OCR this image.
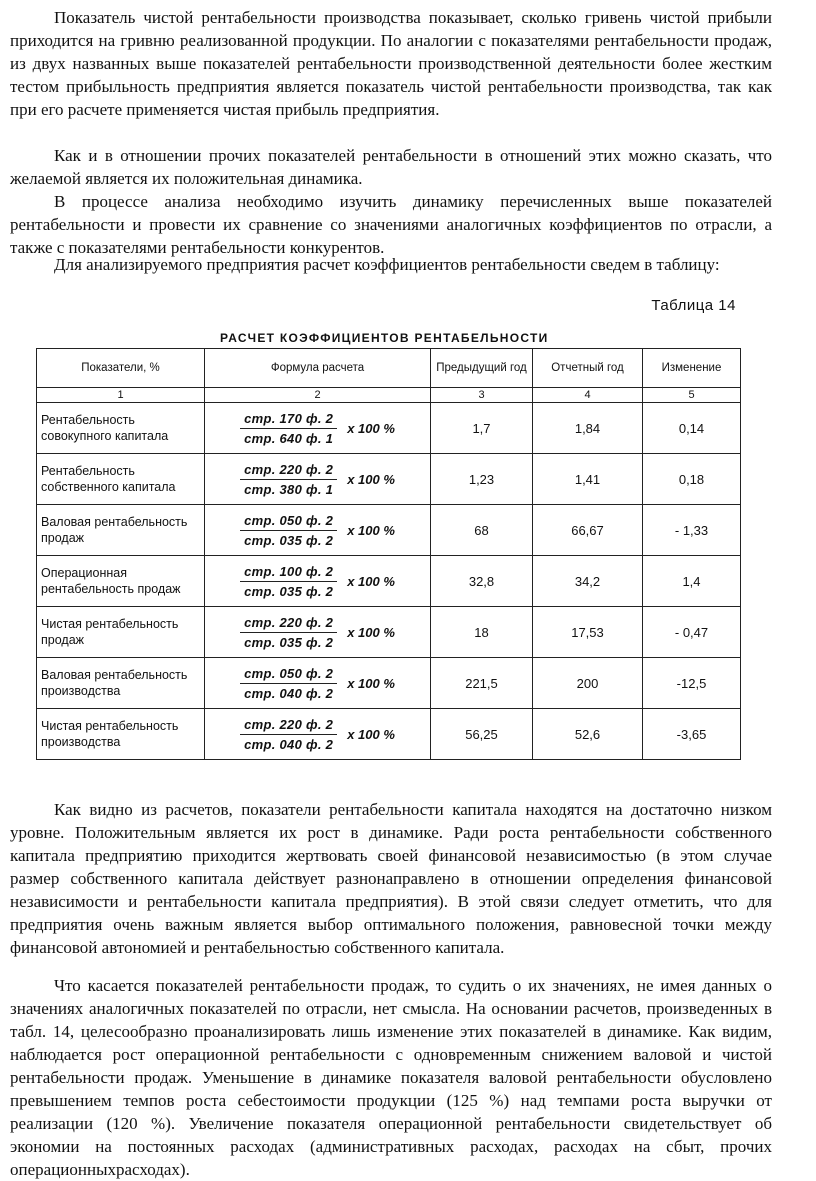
Показатель чистой рентабельности производства показывает, сколько гривень чистой прибыли приходится на гривню реализованной продукции. По аналогии с показателями рентабельности продаж, из двух названных выше показателей рентабельности производственной деятельности более жестким тестом прибыльность предприятия является показатель чистой рентабельности производства, так как при его расчете применяется чистая прибыль предприятия.

Как и в отношении прочих показателей рентабельности в отношений этих можно сказать, что желаемой является их положительная динамика.

В процессе анализа необходимо изучить динамику перечисленных выше показателей рентабельности и провести их сравнение со значениями аналогичных коэффициентов по отрасли, а также с показателями рентабельности конкурентов.

Для анализируемого предприятия расчет коэффициентов рентабельности сведем в таблицу:

Таблица 14
РАСЧЕТ КОЭФФИЦИЕНТОВ РЕНТАБЕЛЬНОСТИ
Показатели, %	Формула расчета	Предыдущий год	Отчетный год	Изменение
1	2	3	4	5
Рентабельность совокупного капитала	$\frac{\text{стр. 170 ф. 2}}{\text{стр. 640 ф. 1}}$ x 100 %	1,7	1,84	0,14
Рентабельность собственного капитала	$\frac{\text{стр. 220 ф. 2}}{\text{стр. 380 ф. 1}}$ x 100 %	1,23	1,41	0,18
Валовая рентабельность продаж	$\frac{\text{стр. 050 ф. 2}}{\text{стр. 035 ф. 2}}$ x 100 %	68	66,67	- 1,33
Операционная рентабельность продаж	$\frac{\text{стр. 100 ф. 2}}{\text{стр. 035 ф. 2}}$ x 100 %	32,8	34,2	1,4
Чистая рентабельность продаж	$\frac{\text{стр. 220 ф. 2}}{\text{стр. 035 ф. 2}}$ x 100 %	18	17,53	- 0,47
Валовая рентабельность производства	$\frac{\text{стр. 050 ф. 2}}{\text{стр. 040 ф. 2}}$ x 100 %	221,5	200	-12,5
Чистая рентабельность производства	$\frac{\text{стр. 220 ф. 2}}{\text{стр. 040 ф. 2}}$ x 100 %	56,25	52,6	-3,65

Как видно из расчетов, показатели рентабельности капитала находятся на достаточно низком уровне. Положительным является их рост в динамике. Ради роста рентабельности собственного капитала предприятию приходится жертвовать своей финансовой независимостью (в этом случае размер собственного капитала действует разнонаправлено в отношении определения финансовой независимости и рентабельности капитала предприятия). В этой связи следует отметить, что для предприятия очень важным является выбор оптимального положения, равновесной точки между финансовой автономией и рентабельностью собственного капитала.

Что касается показателей рентабельности продаж, то судить о их значениях, не имея данных о значениях аналогичных показателей по отрасли, нет смысла. На основании расчетов, произведенных в табл. 14, целесообразно проанализировать лишь изменение этих показателей в динамике. Как видим, наблюдается рост операционной рентабельности с одновременным снижением валовой и чистой рентабельности продаж. Уменьшение в динамике показателя валовой рентабельности обусловлено превышением темпов роста себестоимости продукции (125 %) над темпами роста выручки от реализации (120 %). Увеличение показателя операционной рентабельности свидетельствует об экономии на постоянных расходах (административных расходах, расходах на сбыт, прочих операционныхрасходах).
